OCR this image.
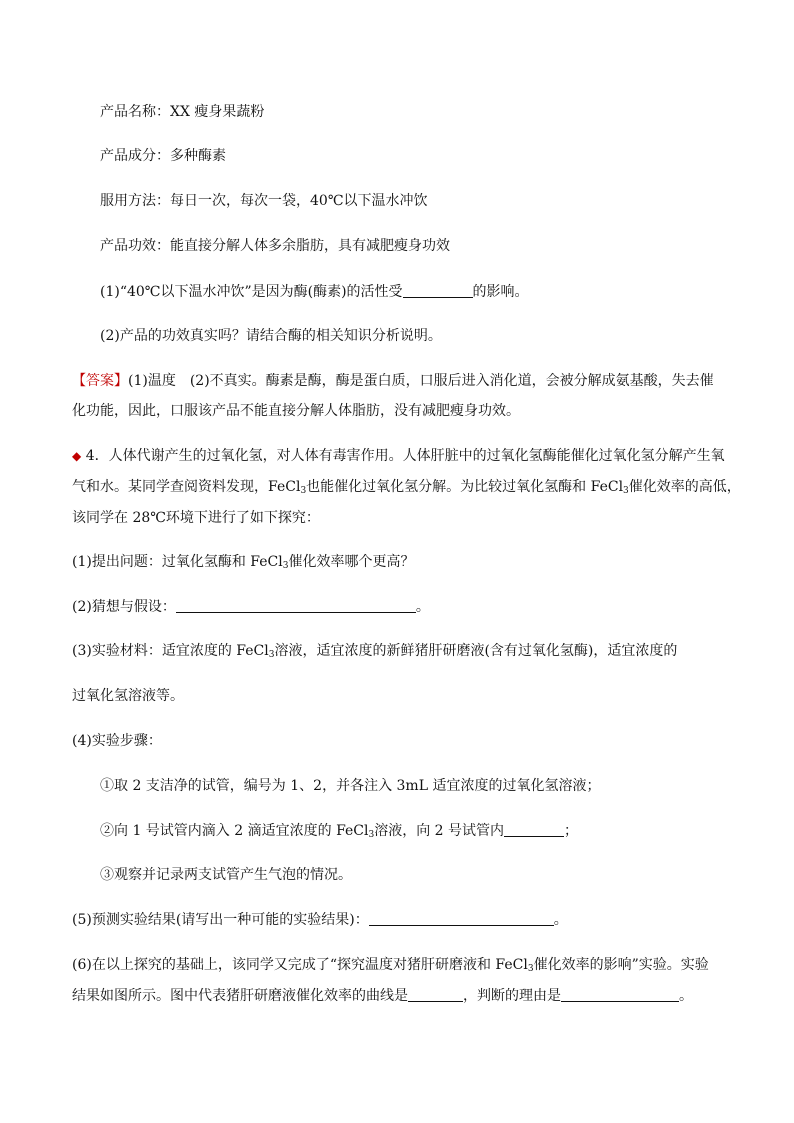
产品名称：XX 瘦身果蔬粉
产品成分：多种酶素
服用方法：每日一次，每次一袋，40℃以下温水冲饮
产品功效：能直接分解人体多余脂肪，具有减肥瘦身功效
(1)“40℃以下温水冲饮”是因为酶(酶素)的活性受	的影响。
(2)产品的功效真实吗？请结合酶的相关知识分析说明。
【答案】(1)温度　(2)不真实。酶素是酶，酶是蛋白质，口服后进入消化道，会被分解成氨基酸，失去催
化功能，因此，口服该产品不能直接分解人体脂肪，没有减肥瘦身功效。
◆ 4．人体代谢产生的过氧化氢，对人体有毒害作用。人体肝脏中的过氧化氢酶能催化过氧化氢分解产生氧
气和水。某同学查阅资料发现，FeCl$_3$也能催化过氧化氢分解。为比较过氧化氢酶和 FeCl$_3$催化效率的高低，
该同学在 28℃环境下进行了如下探究：
(1)提出问题：过氧化氢酶和 FeCl$_3$催化效率哪个更高？
(2)猜想与假设：	。
(3)实验材料：适宜浓度的 FeCl$_3$溶液，适宜浓度的新鲜猪肝研磨液(含有过氧化氢酶)，适宜浓度的
过氧化氢溶液等。
(4)实验步骤：
①取 2 支洁净的试管，编号为 1、2，并各注入 3mL 适宜浓度的过氧化氢溶液；
②向 1 号试管内滴入 2 滴适宜浓度的 FeCl$_3$溶液，向 2 号试管内	；
③观察并记录两支试管产生气泡的情况。
(5)预测实验结果(请写出一种可能的实验结果)：	。
(6)在以上探究的基础上，该同学又完成了“探究温度对猪肝研磨液和 FeCl$_3$催化效率的影响”实验。实验
结果如图所示。图中代表猪肝研磨液催化效率的曲线是	，判断的理由是	。
